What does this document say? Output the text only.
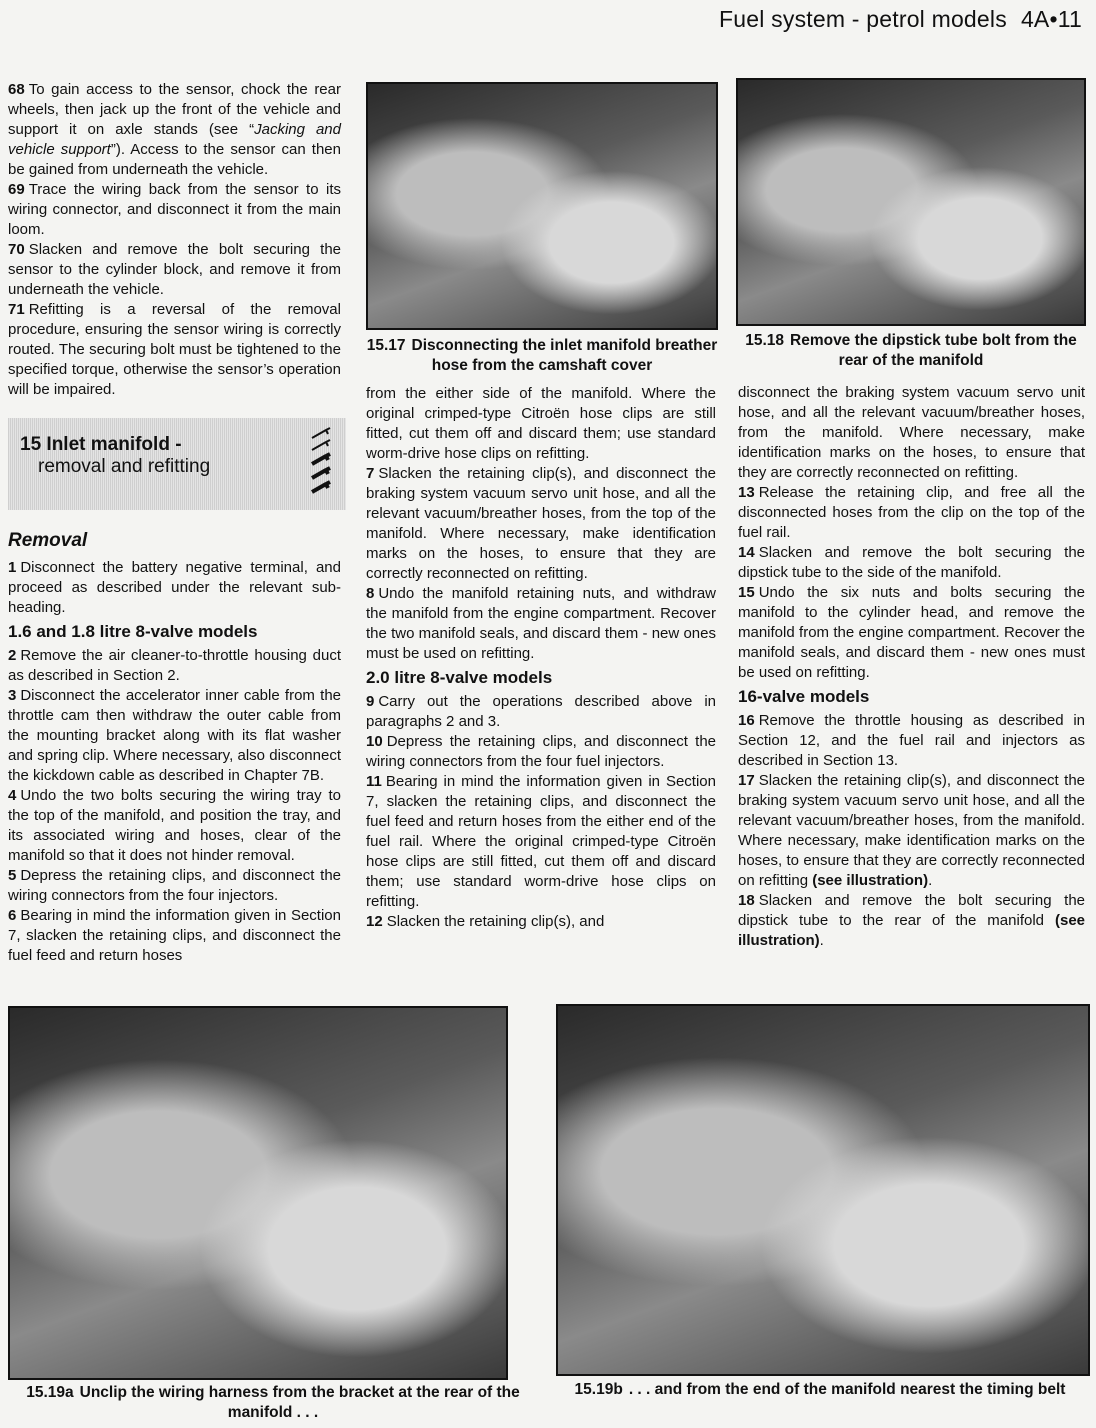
Fuel system - petrol models 4A•11

68 To gain access to the sensor, chock the rear wheels, then jack up the front of the vehicle and support it on axle stands (see “Jacking and vehicle support”). Access to the sensor can then be gained from underneath the vehicle.

69 Trace the wiring back from the sensor to its wiring connector, and disconnect it from the main loom.

70 Slacken and remove the bolt securing the sensor to the cylinder block, and remove it from underneath the vehicle.

71 Refitting is a reversal of the removal procedure, ensuring the sensor wiring is correctly routed. The securing bolt must be tightened to the specified torque, otherwise the sensor’s operation will be impaired.

15 Inlet manifold -
removal and refitting
Removal

1 Disconnect the battery negative terminal, and proceed as described under the relevant sub-heading.

1.6 and 1.8 litre 8-valve models

2 Remove the air cleaner-to-throttle housing duct as described in Section 2.

3 Disconnect the accelerator inner cable from the throttle cam then withdraw the outer cable from the mounting bracket along with its flat washer and spring clip. Where necessary, also disconnect the kickdown cable as described in Chapter 7B.

4 Undo the two bolts securing the wiring tray to the top of the manifold, and position the tray, and its associated wiring and hoses, clear of the manifold so that it does not hinder removal.

5 Depress the retaining clips, and disconnect the wiring connectors from the four injectors.

6 Bearing in mind the information given in Section 7, slacken the retaining clips, and disconnect the fuel feed and return hoses

15.17 Disconnecting the inlet manifold breather hose from the camshaft cover

from the either side of the manifold. Where the original crimped-type Citroën hose clips are still fitted, cut them off and discard them; use standard worm-drive hose clips on refitting.

7 Slacken the retaining clip(s), and disconnect the braking system vacuum servo unit hose, and all the relevant vacuum/breather hoses, from the top of the manifold. Where necessary, make identification marks on the hoses, to ensure that they are correctly reconnected on refitting.

8 Undo the manifold retaining nuts, and withdraw the manifold from the engine compartment. Recover the two manifold seals, and discard them - new ones must be used on refitting.

2.0 litre 8-valve models

9 Carry out the operations described above in paragraphs 2 and 3.

10 Depress the retaining clips, and disconnect the wiring connectors from the four fuel injectors.

11 Bearing in mind the information given in Section 7, slacken the retaining clips, and disconnect the fuel feed and return hoses from the either end of the fuel rail. Where the original crimped-type Citroën hose clips are still fitted, cut them off and discard them; use standard worm-drive hose clips on refitting.

12 Slacken the retaining clip(s), and

15.18 Remove the dipstick tube bolt from the rear of the manifold

disconnect the braking system vacuum servo unit hose, and all the relevant vacuum/breather hoses, from the manifold. Where necessary, make identification marks on the hoses, to ensure that they are correctly reconnected on refitting.

13 Release the retaining clip, and free all the disconnected hoses from the clip on the top of the fuel rail.

14 Slacken and remove the bolt securing the dipstick tube to the side of the manifold.

15 Undo the six nuts and bolts securing the manifold to the cylinder head, and remove the manifold from the engine compartment. Recover the manifold seals, and discard them - new ones must be used on refitting.

16-valve models

16 Remove the throttle housing as described in Section 12, and the fuel rail and injectors as described in Section 13.

17 Slacken the retaining clip(s), and disconnect the braking system vacuum servo unit hose, and all the relevant vacuum/breather hoses, from the manifold. Where necessary, make identification marks on the hoses, to ensure that they are correctly reconnected on refitting (see illustration).

18 Slacken and remove the bolt securing the dipstick tube to the rear of the manifold (see illustration).

15.19a Unclip the wiring harness from the bracket at the rear of the manifold . . .
15.19b . . . and from the end of the manifold nearest the timing belt
